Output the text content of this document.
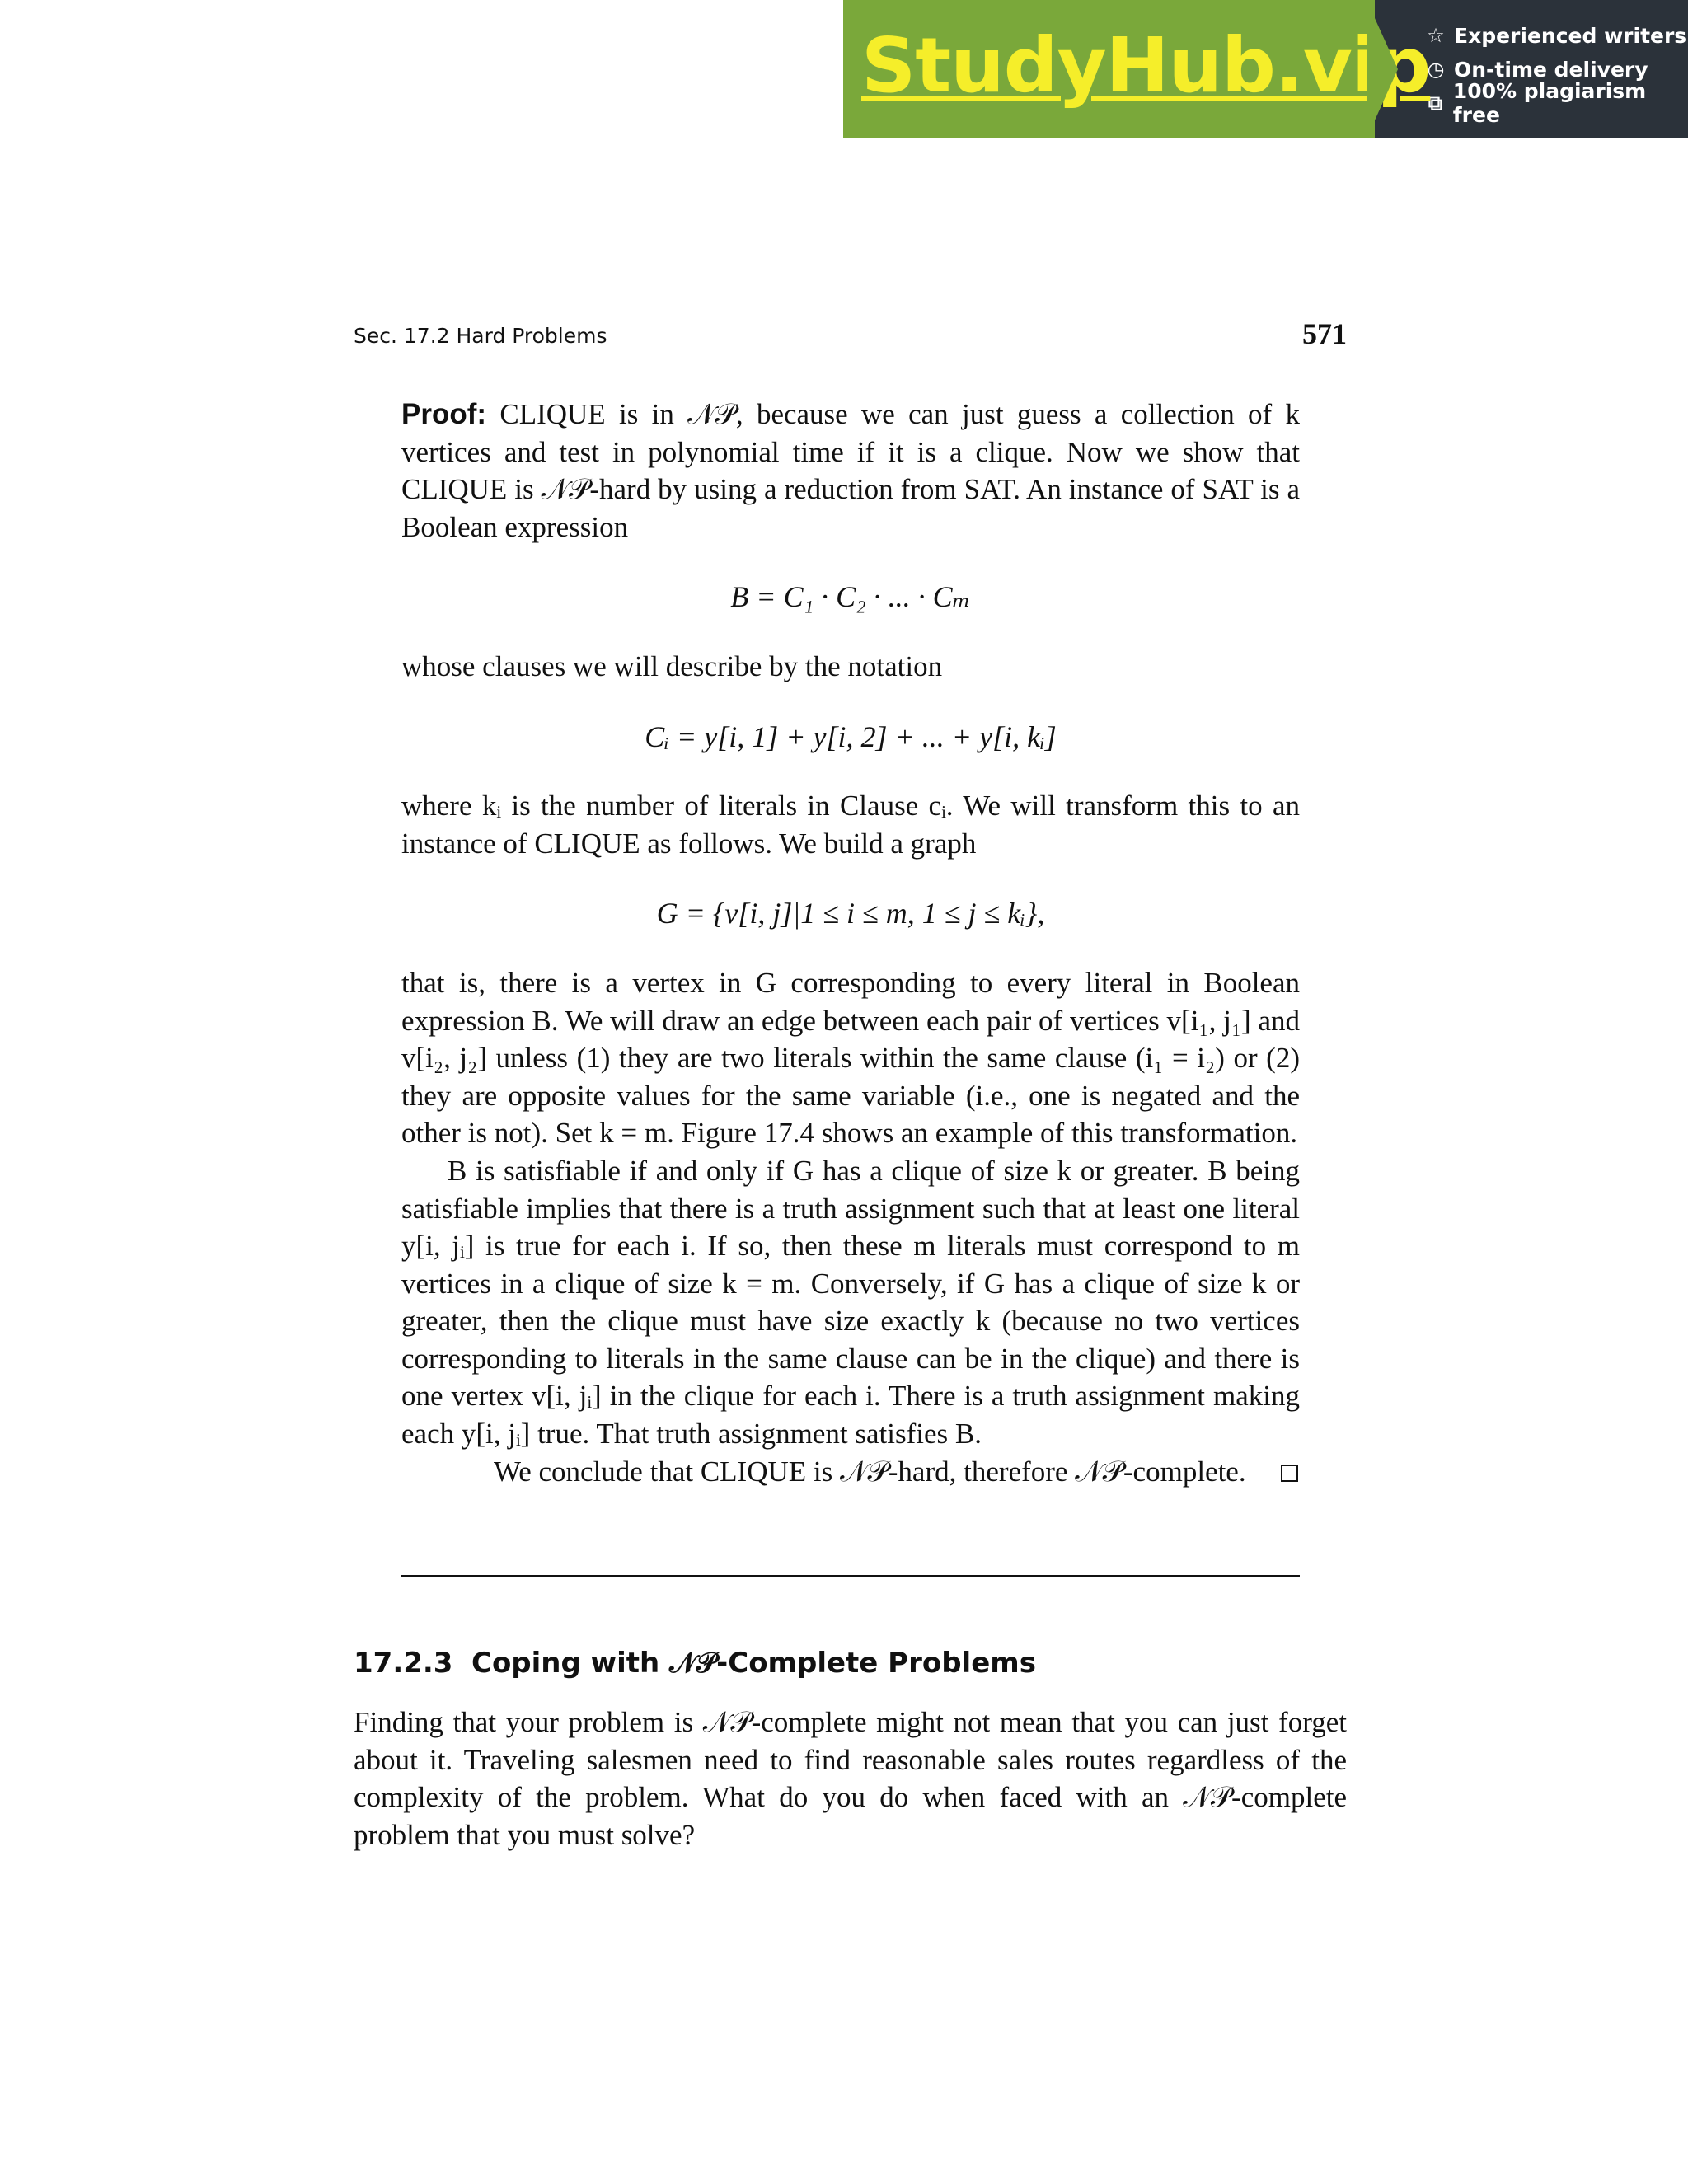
StudyHub.vip
☆ Experienced writers
◷ On-time delivery
⧉ 100% plagiarism free
Sec. 17.2 Hard Problems	571

Proof: CLIQUE is in 𝒩𝒫, because we can just guess a collection of k vertices and test in polynomial time if it is a clique. Now we show that CLIQUE is 𝒩𝒫-hard by using a reduction from SAT. An instance of SAT is a Boolean expression

B = C₁ · C₂ · ... · Cₘ

whose clauses we will describe by the notation

Cᵢ = y[i, 1] + y[i, 2] + ... + y[i, kᵢ]

where kᵢ is the number of literals in Clause cᵢ. We will transform this to an instance of CLIQUE as follows. We build a graph

G = {v[i, j]|1 ≤ i ≤ m, 1 ≤ j ≤ kᵢ},

that is, there is a vertex in G corresponding to every literal in Boolean expression B. We will draw an edge between each pair of vertices v[i₁, j₁] and v[i₂, j₂] unless (1) they are two literals within the same clause (i₁ = i₂) or (2) they are opposite values for the same variable (i.e., one is negated and the other is not). Set k = m. Figure 17.4 shows an example of this transformation.

B is satisfiable if and only if G has a clique of size k or greater. B being satisfiable implies that there is a truth assignment such that at least one literal y[i, jᵢ] is true for each i. If so, then these m literals must correspond to m vertices in a clique of size k = m. Conversely, if G has a clique of size k or greater, then the clique must have size exactly k (because no two vertices corresponding to literals in the same clause can be in the clique) and there is one vertex v[i, jᵢ] in the clique for each i. There is a truth assignment making each y[i, jᵢ] true. That truth assignment satisfies B.

We conclude that CLIQUE is 𝒩𝒫-hard, therefore 𝒩𝒫-complete.

17.2.3 Coping with 𝒩𝒫-Complete Problems

Finding that your problem is 𝒩𝒫-complete might not mean that you can just forget about it. Traveling salesmen need to find reasonable sales routes regardless of the complexity of the problem. What do you do when faced with an 𝒩𝒫-complete problem that you must solve?
